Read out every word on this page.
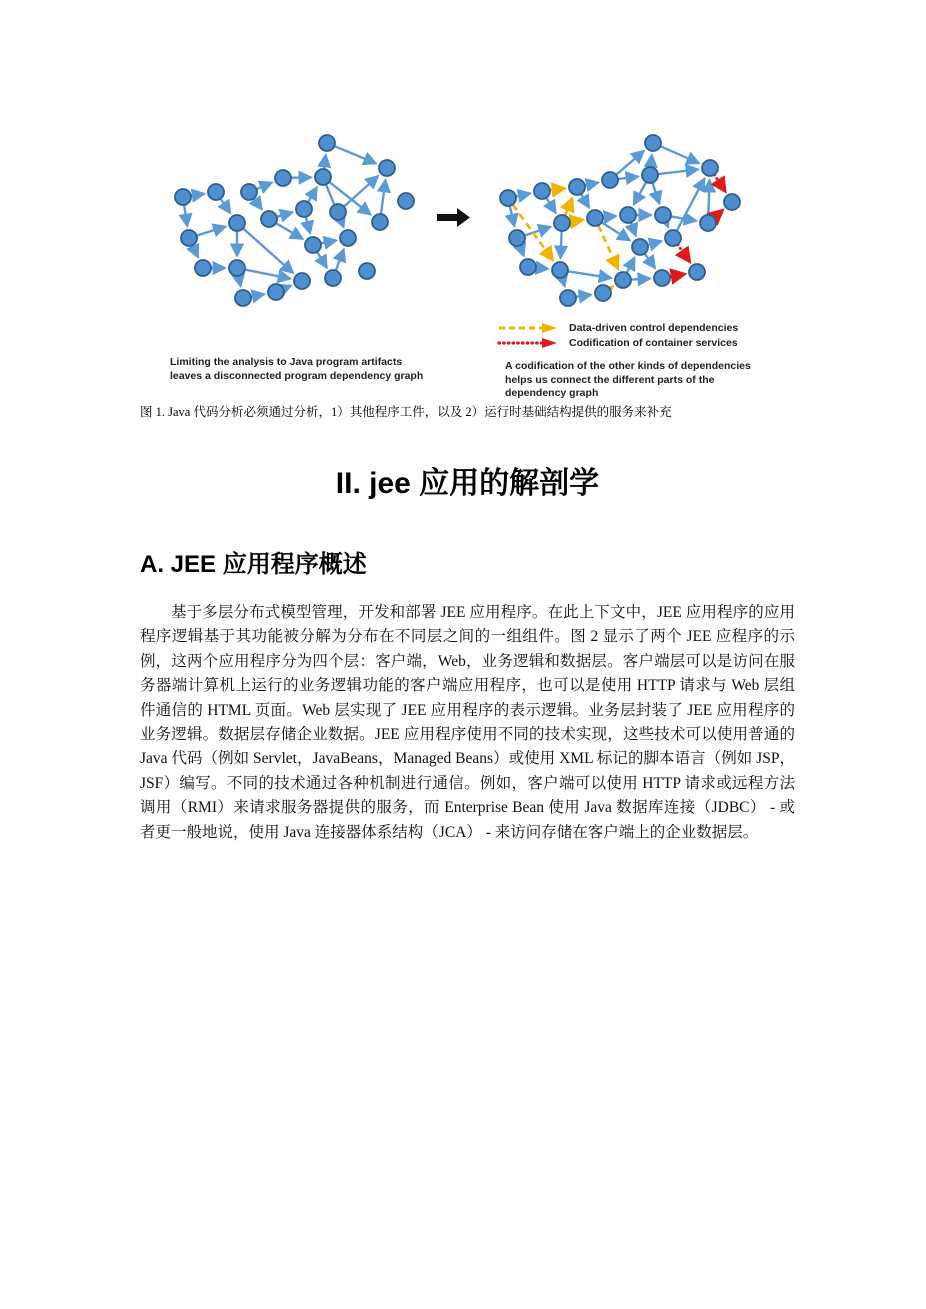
Data-driven control dependencies
Codification of container services
Limiting the analysis to Java program artifacts leaves a disconnected program dependency graph
A codification of the other kinds of dependencies helps us connect the different parts of the dependency graph
图 1. Java 代码分析必须通过分析，1）其他程序工件，以及 2）运行时基础结构提供的服务来补充
II. jee 应用的解剖学
A. JEE 应用程序概述
基于多层分布式模型管理，开发和部署 JEE 应用程序。在此上下文中，JEE 应用程序的应用程序逻辑基于其功能被分解为分布在不同层之间的一组组件。图 2 显示了两个 JEE 应程序的示例，这两个应用程序分为四个层：客户端，Web，业务逻辑和数据层。客户端层可以是访问在服务器端计算机上运行的业务逻辑功能的客户端应用程序，也可以是使用 HTTP 请求与 Web 层组件通信的 HTML 页面。Web 层实现了 JEE 应用程序的表示逻辑。业务层封装了 JEE 应用程序的业务逻辑。数据层存储企业数据。JEE 应用程序使用不同的技术实现，这些技术可以使用普通的 Java 代码（例如 Servlet，JavaBeans，Managed Beans）或使用 XML 标记的脚本语言（例如 JSP，JSF）编写。不同的技术通过各种机制进行通信。例如，客户端可以使用 HTTP 请求或远程方法调用（RMI）来请求服务器提供的服务，而 Enterprise Bean 使用 Java 数据库连接（JDBC） - 或者更一般地说，使用 Java 连接器体系结构（JCA） - 来访问存储在客户端上的企业数据层。
